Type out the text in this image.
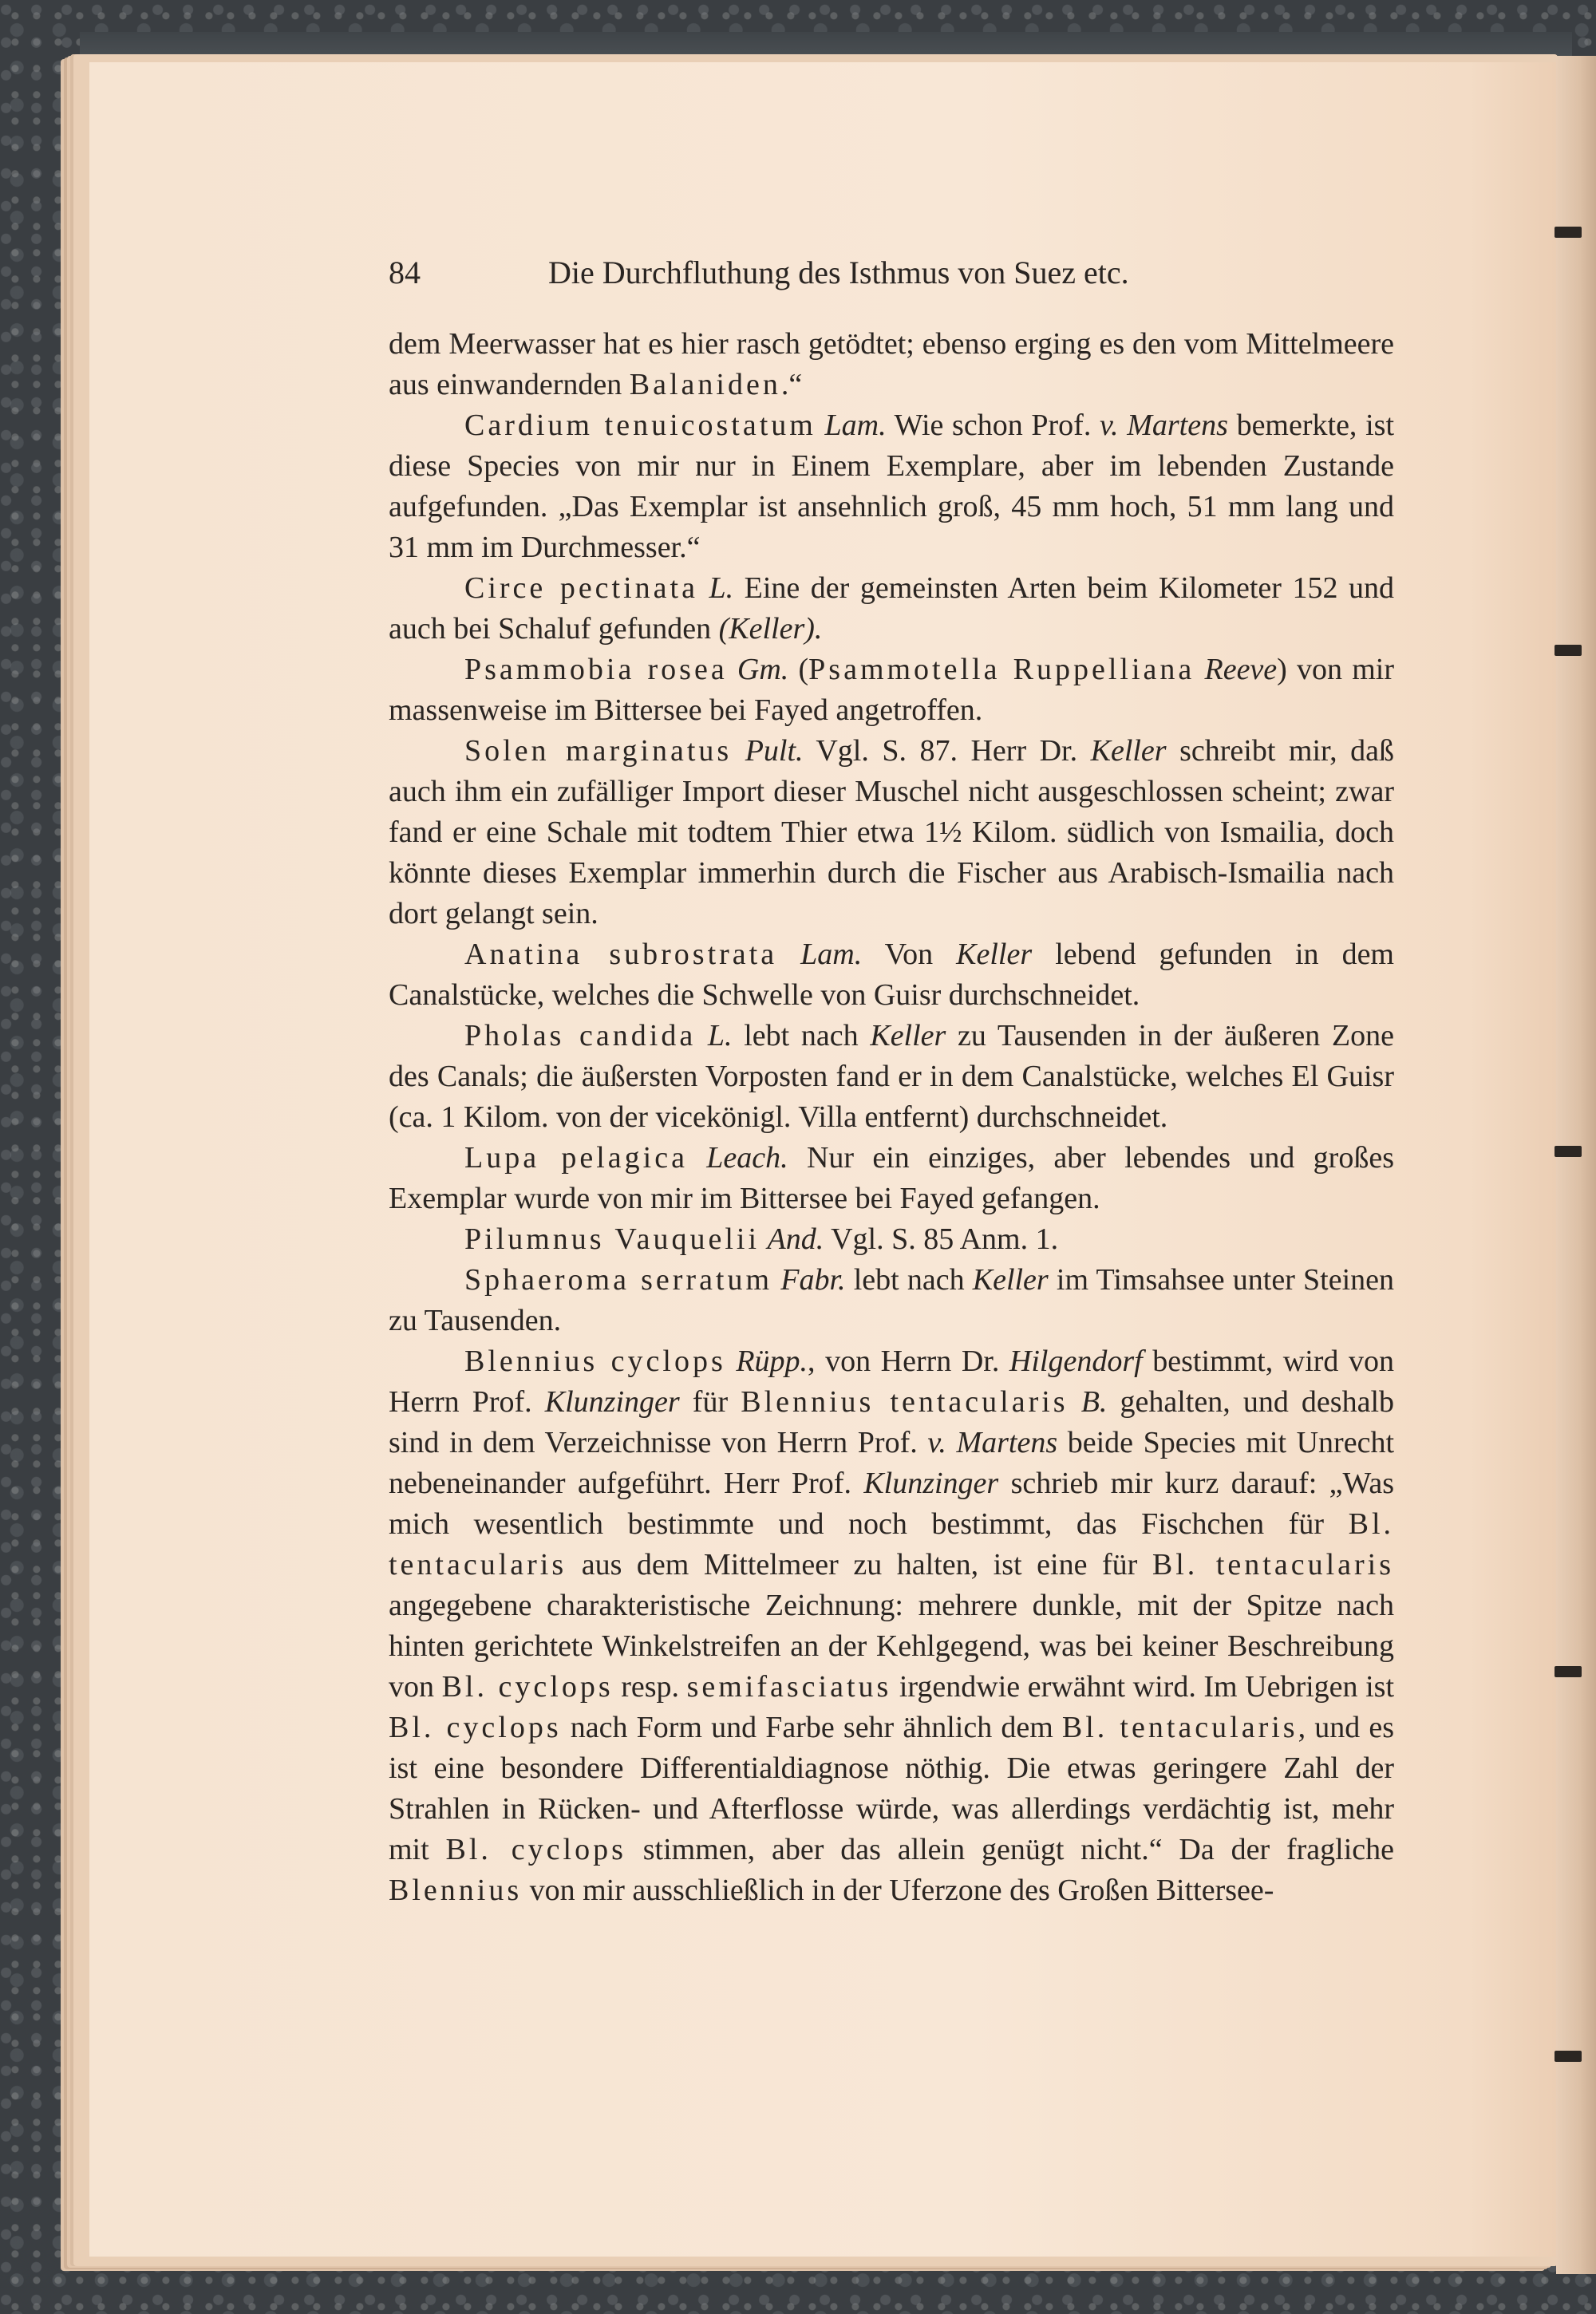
84	Die Durchfluthung des Isthmus von Suez etc.

dem Meerwasser hat es hier rasch getödtet; ebenso erging es den vom Mittelmeere aus einwandernden Balaniden.“

Cardium tenuicostatum Lam. Wie schon Prof. v. Martens bemerkte, ist diese Species von mir nur in Einem Exemplare, aber im lebenden Zustande aufgefunden. „Das Exemplar ist ansehnlich groß, 45 mm hoch, 51 mm lang und 31 mm im Durchmesser.“

Circe pectinata L. Eine der gemeinsten Arten beim Kilometer 152 und auch bei Schaluf gefunden (Keller).

Psammobia rosea Gm. (Psammotella Ruppelliana Reeve) von mir massenweise im Bittersee bei Fayed angetroffen.

Solen marginatus Pult. Vgl. S. 87. Herr Dr. Keller schreibt mir, daß auch ihm ein zufälliger Import dieser Muschel nicht ausgeschlossen scheint; zwar fand er eine Schale mit todtem Thier etwa 1½ Kilom. südlich von Ismailia, doch könnte dieses Exemplar immerhin durch die Fischer aus Arabisch-Ismailia nach dort gelangt sein.

Anatina subrostrata Lam. Von Keller lebend gefunden in dem Canalstücke, welches die Schwelle von Guisr durchschneidet.

Pholas candida L. lebt nach Keller zu Tausenden in der äußeren Zone des Canals; die äußersten Vorposten fand er in dem Canalstücke, welches El Guisr (ca. 1 Kilom. von der vicekönigl. Villa entfernt) durchschneidet.

Lupa pelagica Leach. Nur ein einziges, aber lebendes und großes Exemplar wurde von mir im Bittersee bei Fayed gefangen.

Pilumnus Vauquelii And. Vgl. S. 85 Anm. 1.

Sphaeroma serratum Fabr. lebt nach Keller im Timsahsee unter Steinen zu Tausenden.

Blennius cyclops Rüpp., von Herrn Dr. Hilgendorf bestimmt, wird von Herrn Prof. Klunzinger für Blennius tentacularis B. gehalten, und deshalb sind in dem Verzeichnisse von Herrn Prof. v. Martens beide Species mit Unrecht nebeneinander aufgeführt. Herr Prof. Klunzinger schrieb mir kurz darauf: „Was mich wesentlich bestimmte und noch bestimmt, das Fischchen für Bl. tentacularis aus dem Mittelmeer zu halten, ist eine für Bl. tentacularis angegebene charakteristische Zeichnung: mehrere dunkle, mit der Spitze nach hinten gerichtete Winkelstreifen an der Kehlgegend, was bei keiner Beschreibung von Bl. cyclops resp. semifasciatus irgendwie erwähnt wird. Im Uebrigen ist Bl. cyclops nach Form und Farbe sehr ähnlich dem Bl. tentacularis, und es ist eine besondere Differentialdiagnose nöthig. Die etwas geringere Zahl der Strahlen in Rücken- und Afterflosse würde, was allerdings verdächtig ist, mehr mit Bl. cyclops stimmen, aber das allein genügt nicht.“ Da der fragliche Blennius von mir ausschließlich in der Uferzone des Großen Bittersee-
